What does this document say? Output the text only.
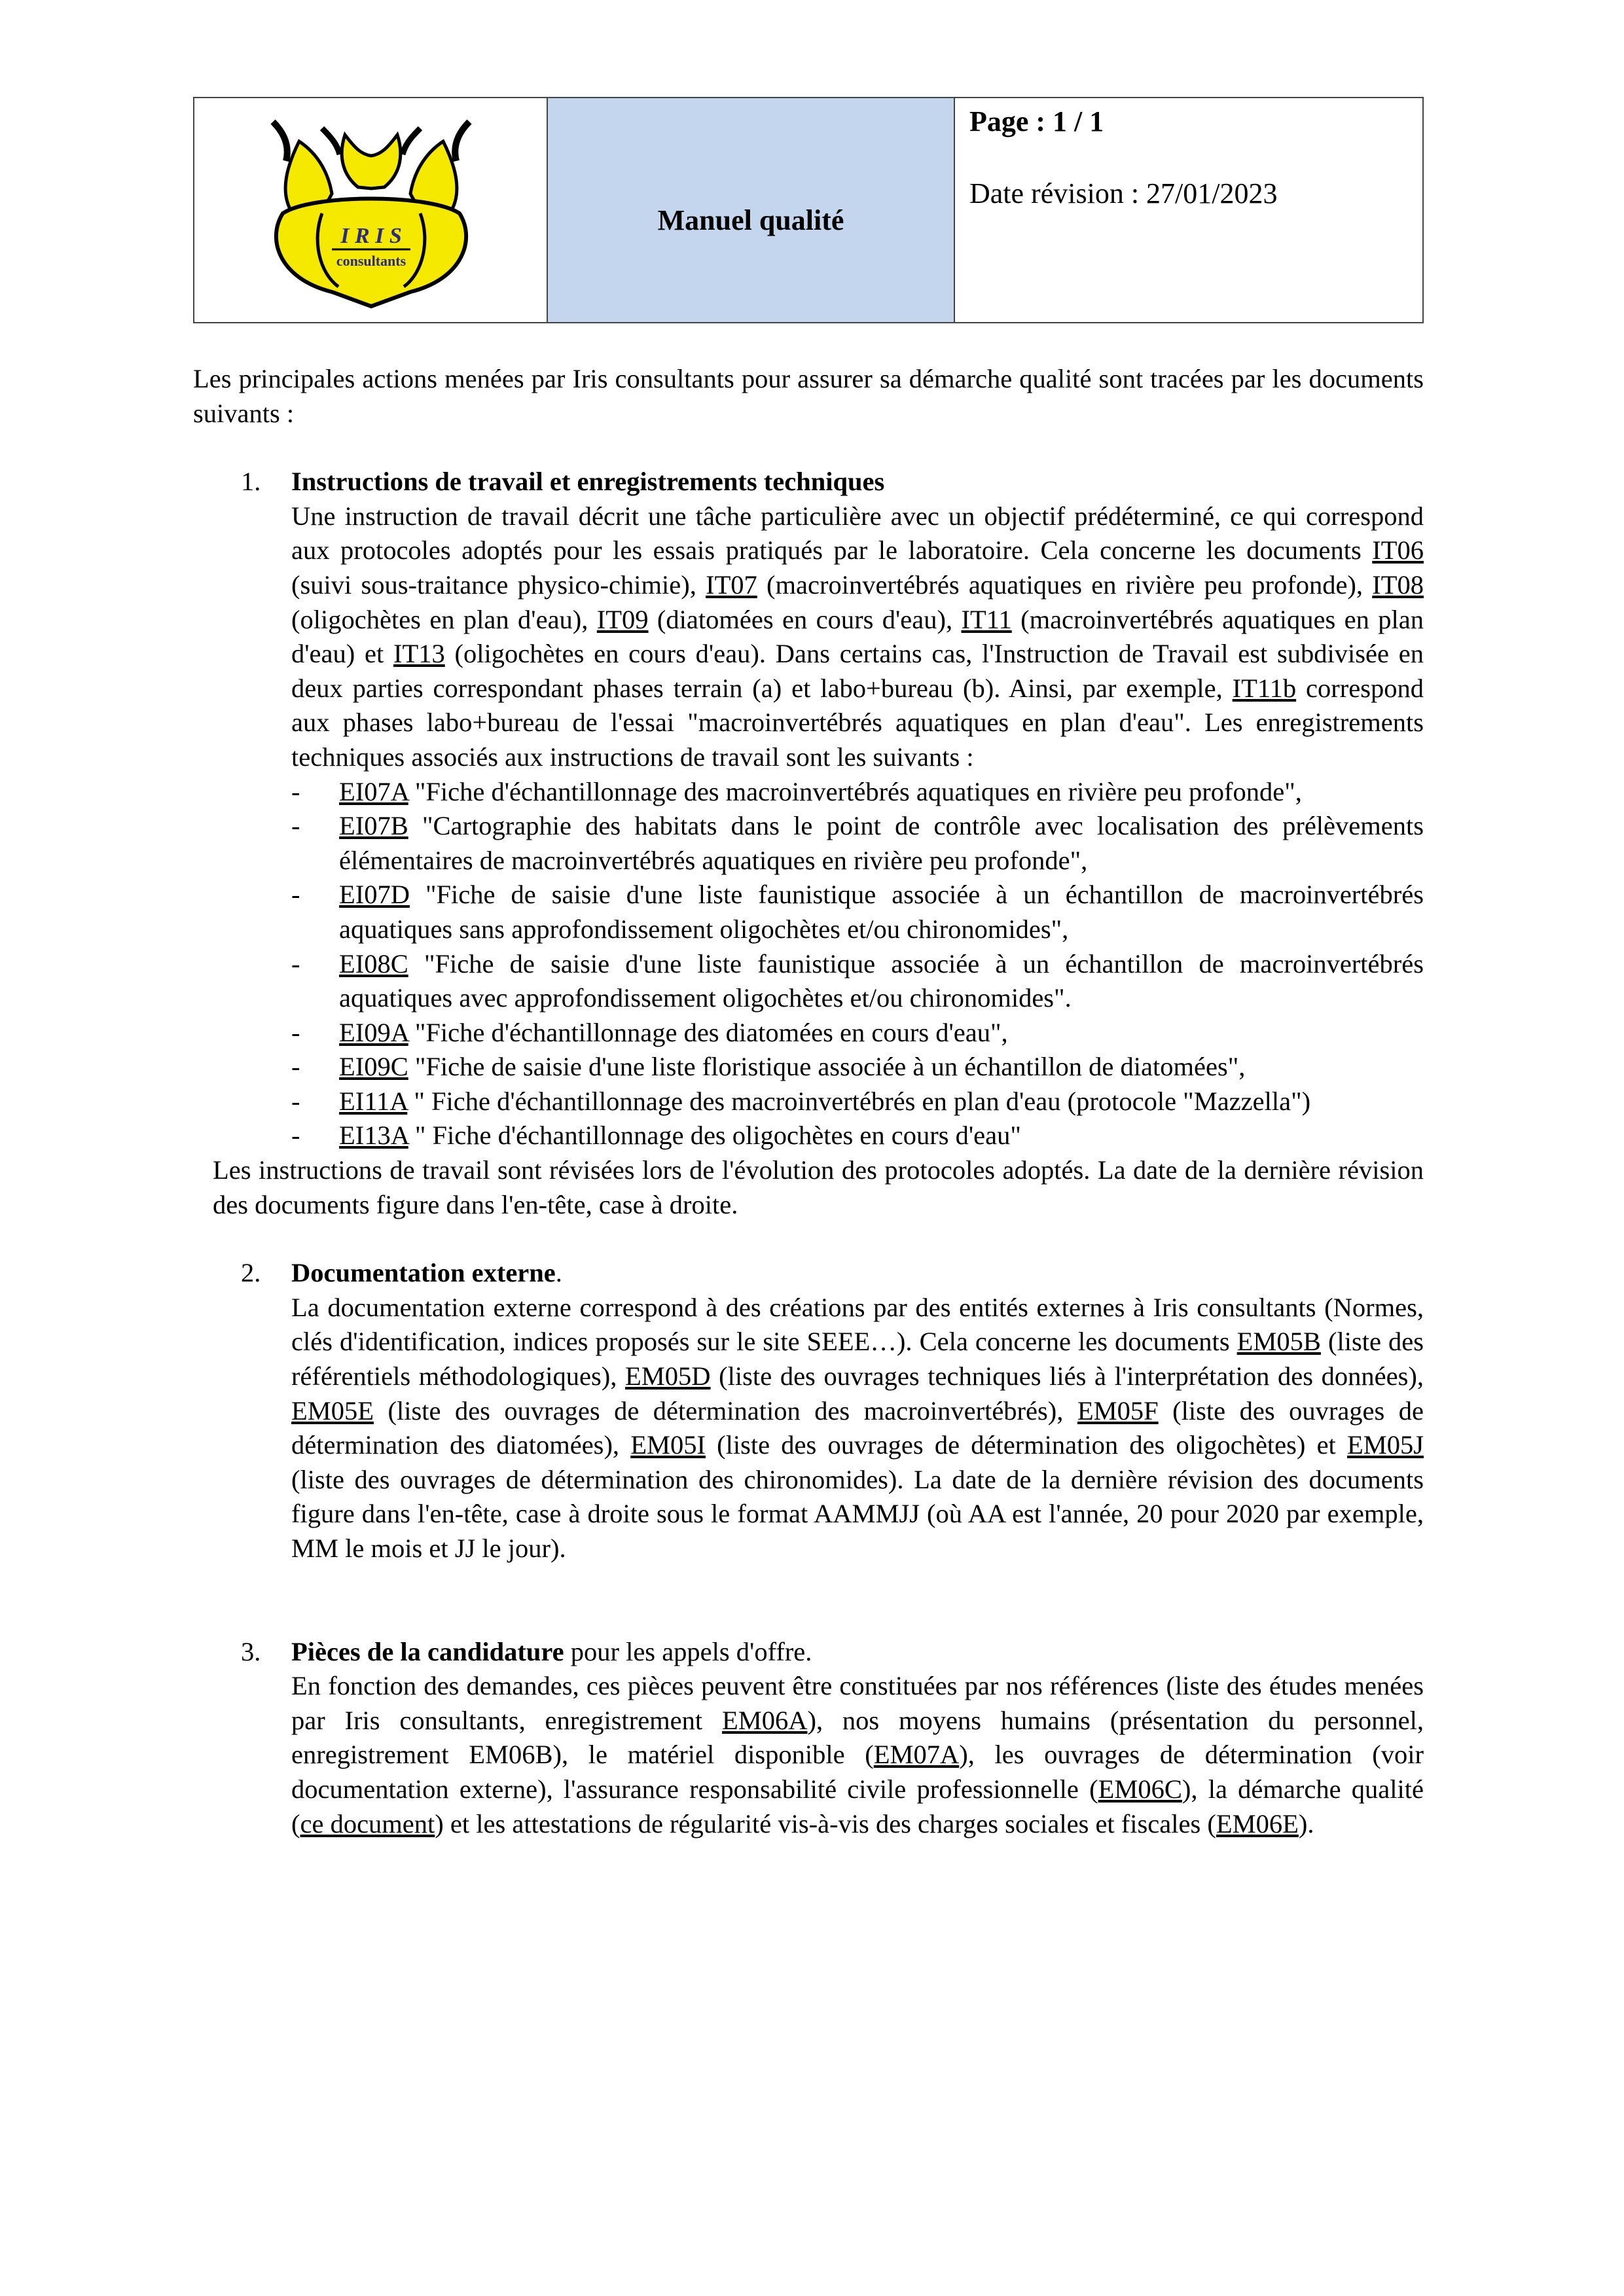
I R I S
consultants
Manuel qualité
Page : 1 / 1
Date révision : 27/01/2023

Les principales actions menées par Iris consultants pour assurer sa démarche qualité sont tracées par les documents suivants :

1. Instructions de travail et enregistrements techniques

Une instruction de travail décrit une tâche particulière avec un objectif prédéterminé, ce qui correspond aux protocoles adoptés pour les essais pratiqués par le laboratoire. Cela concerne les documents IT06 (suivi sous-traitance physico-chimie), IT07 (macroinvertébrés aquatiques en rivière peu profonde), IT08 (oligochètes en plan d'eau), IT09 (diatomées en cours d'eau), IT11 (macroinvertébrés aquatiques en plan d'eau) et IT13 (oligochètes en cours d'eau). Dans certains cas, l'Instruction de Travail est subdivisée en deux parties correspondant phases terrain (a) et labo+bureau (b). Ainsi, par exemple, IT11b correspond aux phases labo+bureau de l'essai "macroinvertébrés aquatiques en plan d'eau". Les enregistrements techniques associés aux instructions de travail sont les suivants :

- EI07A "Fiche d'échantillonnage des macroinvertébrés aquatiques en rivière peu profonde",
- EI07B "Cartographie des habitats dans le point de contrôle avec localisation des prélèvements élémentaires de macroinvertébrés aquatiques en rivière peu profonde",
- EI07D "Fiche de saisie d'une liste faunistique associée à un échantillon de macroinvertébrés aquatiques sans approfondissement oligochètes et/ou chironomides",
- EI08C "Fiche de saisie d'une liste faunistique associée à un échantillon de macroinvertébrés aquatiques avec approfondissement oligochètes et/ou chironomides".
- EI09A "Fiche d'échantillonnage des diatomées en cours d'eau",
- EI09C "Fiche de saisie d'une liste floristique associée à un échantillon de diatomées",
- EI11A " Fiche d'échantillonnage des macroinvertébrés en plan d'eau (protocole "Mazzella")
- EI13A " Fiche d'échantillonnage des oligochètes en cours d'eau"

Les instructions de travail sont révisées lors de l'évolution des protocoles adoptés. La date de la dernière révision des documents figure dans l'en-tête, case à droite.

2. Documentation externe.

La documentation externe correspond à des créations par des entités externes à Iris consultants (Normes, clés d'identification, indices proposés sur le site SEEE…). Cela concerne les documents EM05B (liste des référentiels méthodologiques), EM05D (liste des ouvrages techniques liés à l'interprétation des données), EM05E (liste des ouvrages de détermination des macroinvertébrés), EM05F (liste des ouvrages de détermination des diatomées), EM05I (liste des ouvrages de détermination des oligochètes) et EM05J (liste des ouvrages de détermination des chironomides). La date de la dernière révision des documents figure dans l'en-tête, case à droite sous le format AAMMJJ (où AA est l'année, 20 pour 2020 par exemple, MM le mois et JJ le jour).

3. Pièces de la candidature pour les appels d'offre.

En fonction des demandes, ces pièces peuvent être constituées par nos références (liste des études menées par Iris consultants, enregistrement EM06A), nos moyens humains (présentation du personnel, enregistrement EM06B), le matériel disponible (EM07A), les ouvrages de détermination (voir documentation externe), l'assurance responsabilité civile professionnelle (EM06C), la démarche qualité (ce document) et les attestations de régularité vis-à-vis des charges sociales et fiscales (EM06E).
